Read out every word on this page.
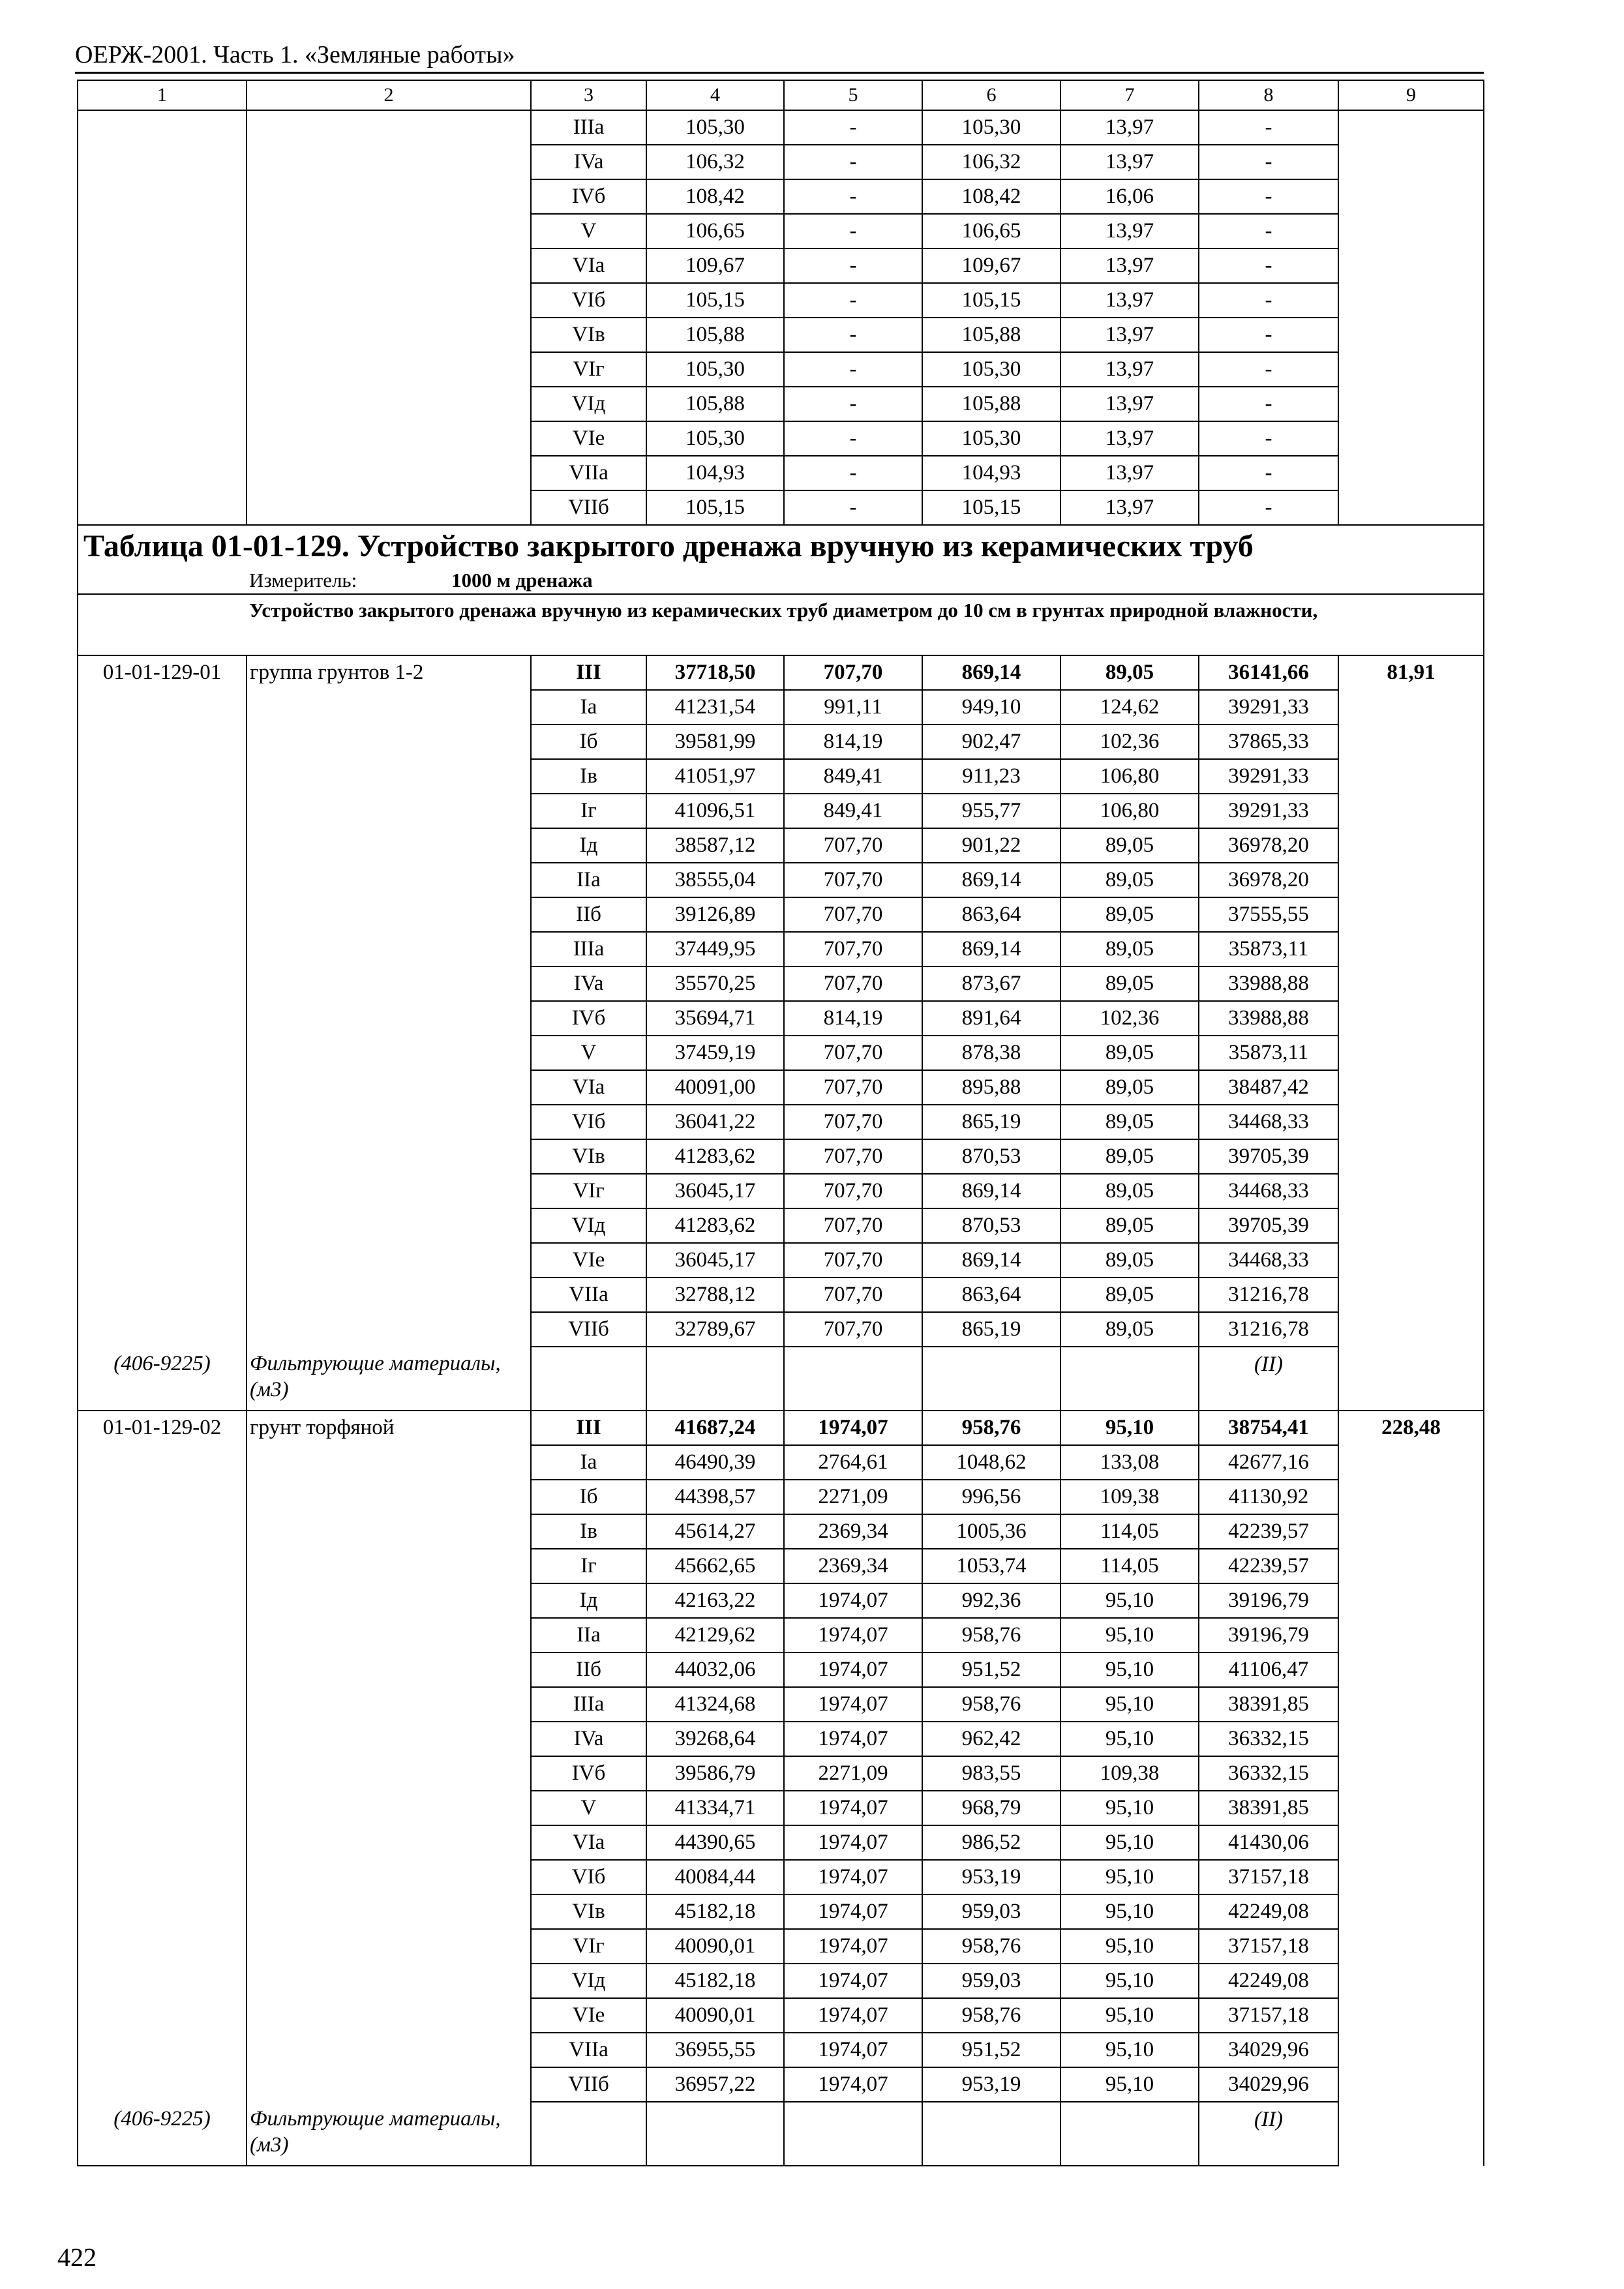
ОЕРЖ-2001. Часть 1. «Земляные работы»
1	2	3	4	5	6	7	8	9
		IIIa	105,30	-	105,30	13,97	-	
		IVa	106,32	-	106,32	13,97	-	
		IVб	108,42	-	108,42	16,06	-	
		V	106,65	-	106,65	13,97	-	
		VIa	109,67	-	109,67	13,97	-	
		VIб	105,15	-	105,15	13,97	-	
		VIв	105,88	-	105,88	13,97	-	
		VIг	105,30	-	105,30	13,97	-	
		VIд	105,88	-	105,88	13,97	-	
		VIe	105,30	-	105,30	13,97	-	
		VIIa	104,93	-	104,93	13,97	-	
		VIIб	105,15	-	105,15	13,97	-	
Таблица 01-01-129. Устройство закрытого дренажа вручную из керамических труб								
	Измеритель: 1000 м дренажа							
	Устройство закрытого дренажа вручную из керамических труб диаметром до 10 см в грунтах природной влажности,							
01-01-129-01	группа грунтов 1-2	III	37718,50	707,70	869,14	89,05	36141,66	81,91
		Ia	41231,54	991,11	949,10	124,62	39291,33	
		Iб	39581,99	814,19	902,47	102,36	37865,33	
		Iв	41051,97	849,41	911,23	106,80	39291,33	
		Iг	41096,51	849,41	955,77	106,80	39291,33	
		Iд	38587,12	707,70	901,22	89,05	36978,20	
		IIa	38555,04	707,70	869,14	89,05	36978,20	
		IIб	39126,89	707,70	863,64	89,05	37555,55	
		IIIa	37449,95	707,70	869,14	89,05	35873,11	
		IVa	35570,25	707,70	873,67	89,05	33988,88	
		IVб	35694,71	814,19	891,64	102,36	33988,88	
		V	37459,19	707,70	878,38	89,05	35873,11	
		VIa	40091,00	707,70	895,88	89,05	38487,42	
		VIб	36041,22	707,70	865,19	89,05	34468,33	
		VIв	41283,62	707,70	870,53	89,05	39705,39	
		VIг	36045,17	707,70	869,14	89,05	34468,33	
		VIд	41283,62	707,70	870,53	89,05	39705,39	
		VIe	36045,17	707,70	869,14	89,05	34468,33	
		VIIa	32788,12	707,70	863,64	89,05	31216,78	
		VIIб	32789,67	707,70	865,19	89,05	31216,78	

(406-9225)	Фильтрующие материалы, (м3)						(II)	

01-01-129-02	грунт торфяной	III	41687,24	1974,07	958,76	95,10	38754,41	228,48
		Ia	46490,39	2764,61	1048,62	133,08	42677,16	
		Iб	44398,57	2271,09	996,56	109,38	41130,92	
		Iв	45614,27	2369,34	1005,36	114,05	42239,57	
		Iг	45662,65	2369,34	1053,74	114,05	42239,57	
		Iд	42163,22	1974,07	992,36	95,10	39196,79	
		IIa	42129,62	1974,07	958,76	95,10	39196,79	
		IIб	44032,06	1974,07	951,52	95,10	41106,47	
		IIIa	41324,68	1974,07	958,76	95,10	38391,85	
		IVa	39268,64	1974,07	962,42	95,10	36332,15	
		IVб	39586,79	2271,09	983,55	109,38	36332,15	
		V	41334,71	1974,07	968,79	95,10	38391,85	
		VIa	44390,65	1974,07	986,52	95,10	41430,06	
		VIб	40084,44	1974,07	953,19	95,10	37157,18	
		VIв	45182,18	1974,07	959,03	95,10	42249,08	
		VIг	40090,01	1974,07	958,76	95,10	37157,18	
		VIд	45182,18	1974,07	959,03	95,10	42249,08	
		VIe	40090,01	1974,07	958,76	95,10	37157,18	
		VIIa	36955,55	1974,07	951,52	95,10	34029,96	
		VIIб	36957,22	1974,07	953,19	95,10	34029,96	

(406-9225)	Фильтрующие материалы, (м3)						(II)	
422
